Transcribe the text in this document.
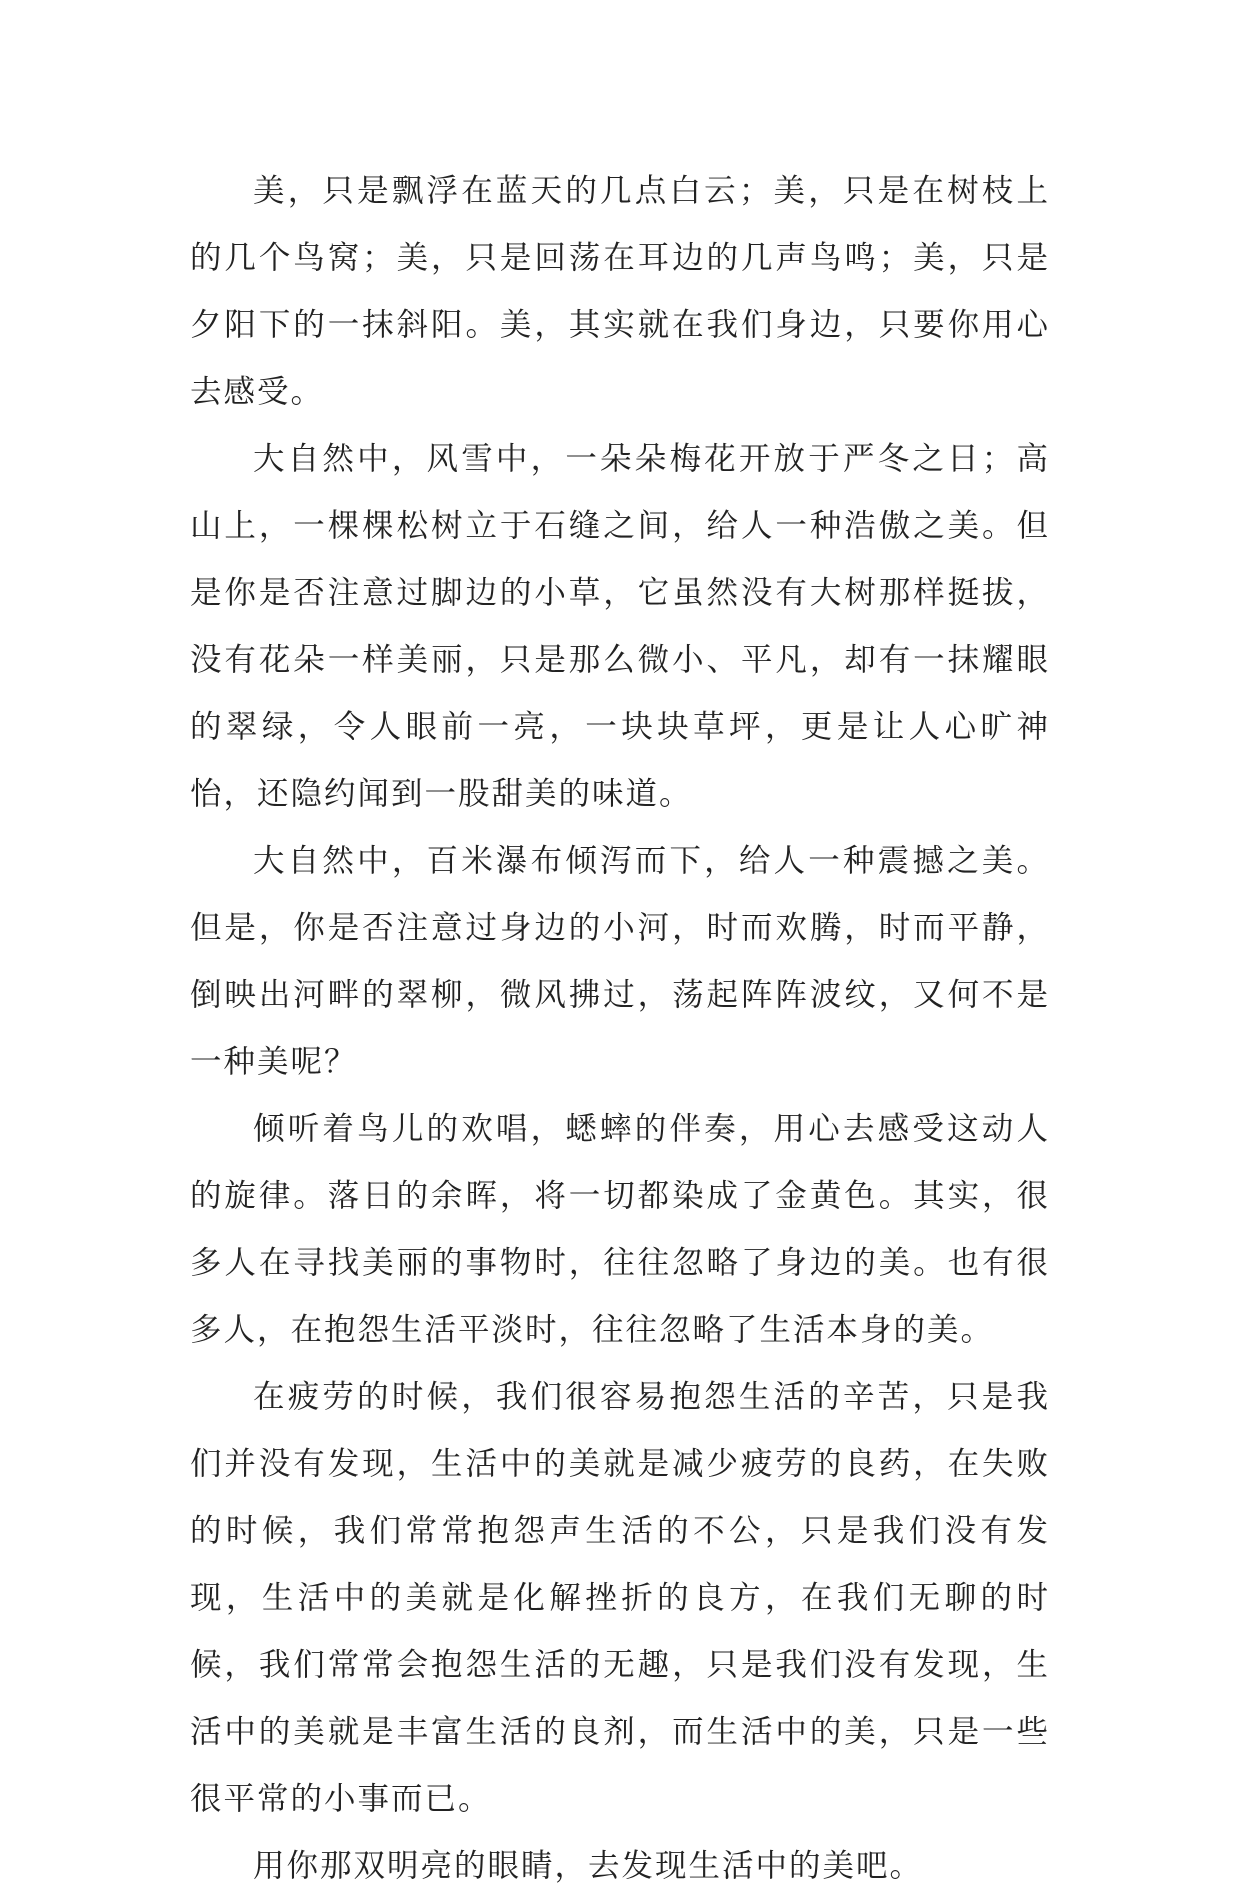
美，只是飘浮在蓝天的几点白云；美，只是在树枝上的几个鸟窝；美，只是回荡在耳边的几声鸟鸣；美，只是夕阳下的一抹斜阳。美，其实就在我们身边，只要你用心去感受。

大自然中，风雪中，一朵朵梅花开放于严冬之日；高山上，一棵棵松树立于石缝之间，给人一种浩傲之美。但是你是否注意过脚边的小草，它虽然没有大树那样挺拔，没有花朵一样美丽，只是那么微小、平凡，却有一抹耀眼的翠绿，令人眼前一亮，一块块草坪，更是让人心旷神怡，还隐约闻到一股甜美的味道。

大自然中，百米瀑布倾泻而下，给人一种震撼之美。但是，你是否注意过身边的小河，时而欢腾，时而平静，倒映出河畔的翠柳，微风拂过，荡起阵阵波纹，又何不是一种美呢？

倾听着鸟儿的欢唱，蟋蟀的伴奏，用心去感受这动人的旋律。落日的余晖，将一切都染成了金黄色。其实，很多人在寻找美丽的事物时，往往忽略了身边的美。也有很多人，在抱怨生活平淡时，往往忽略了生活本身的美。

在疲劳的时候，我们很容易抱怨生活的辛苦，只是我们并没有发现，生活中的美就是减少疲劳的良药，在失败的时候，我们常常抱怨声生活的不公，只是我们没有发现，生活中的美就是化解挫折的良方，在我们无聊的时候，我们常常会抱怨生活的无趣，只是我们没有发现，生活中的美就是丰富生活的良剂，而生活中的美，只是一些很平常的小事而已。

用你那双明亮的眼睛，去发现生活中的美吧。
